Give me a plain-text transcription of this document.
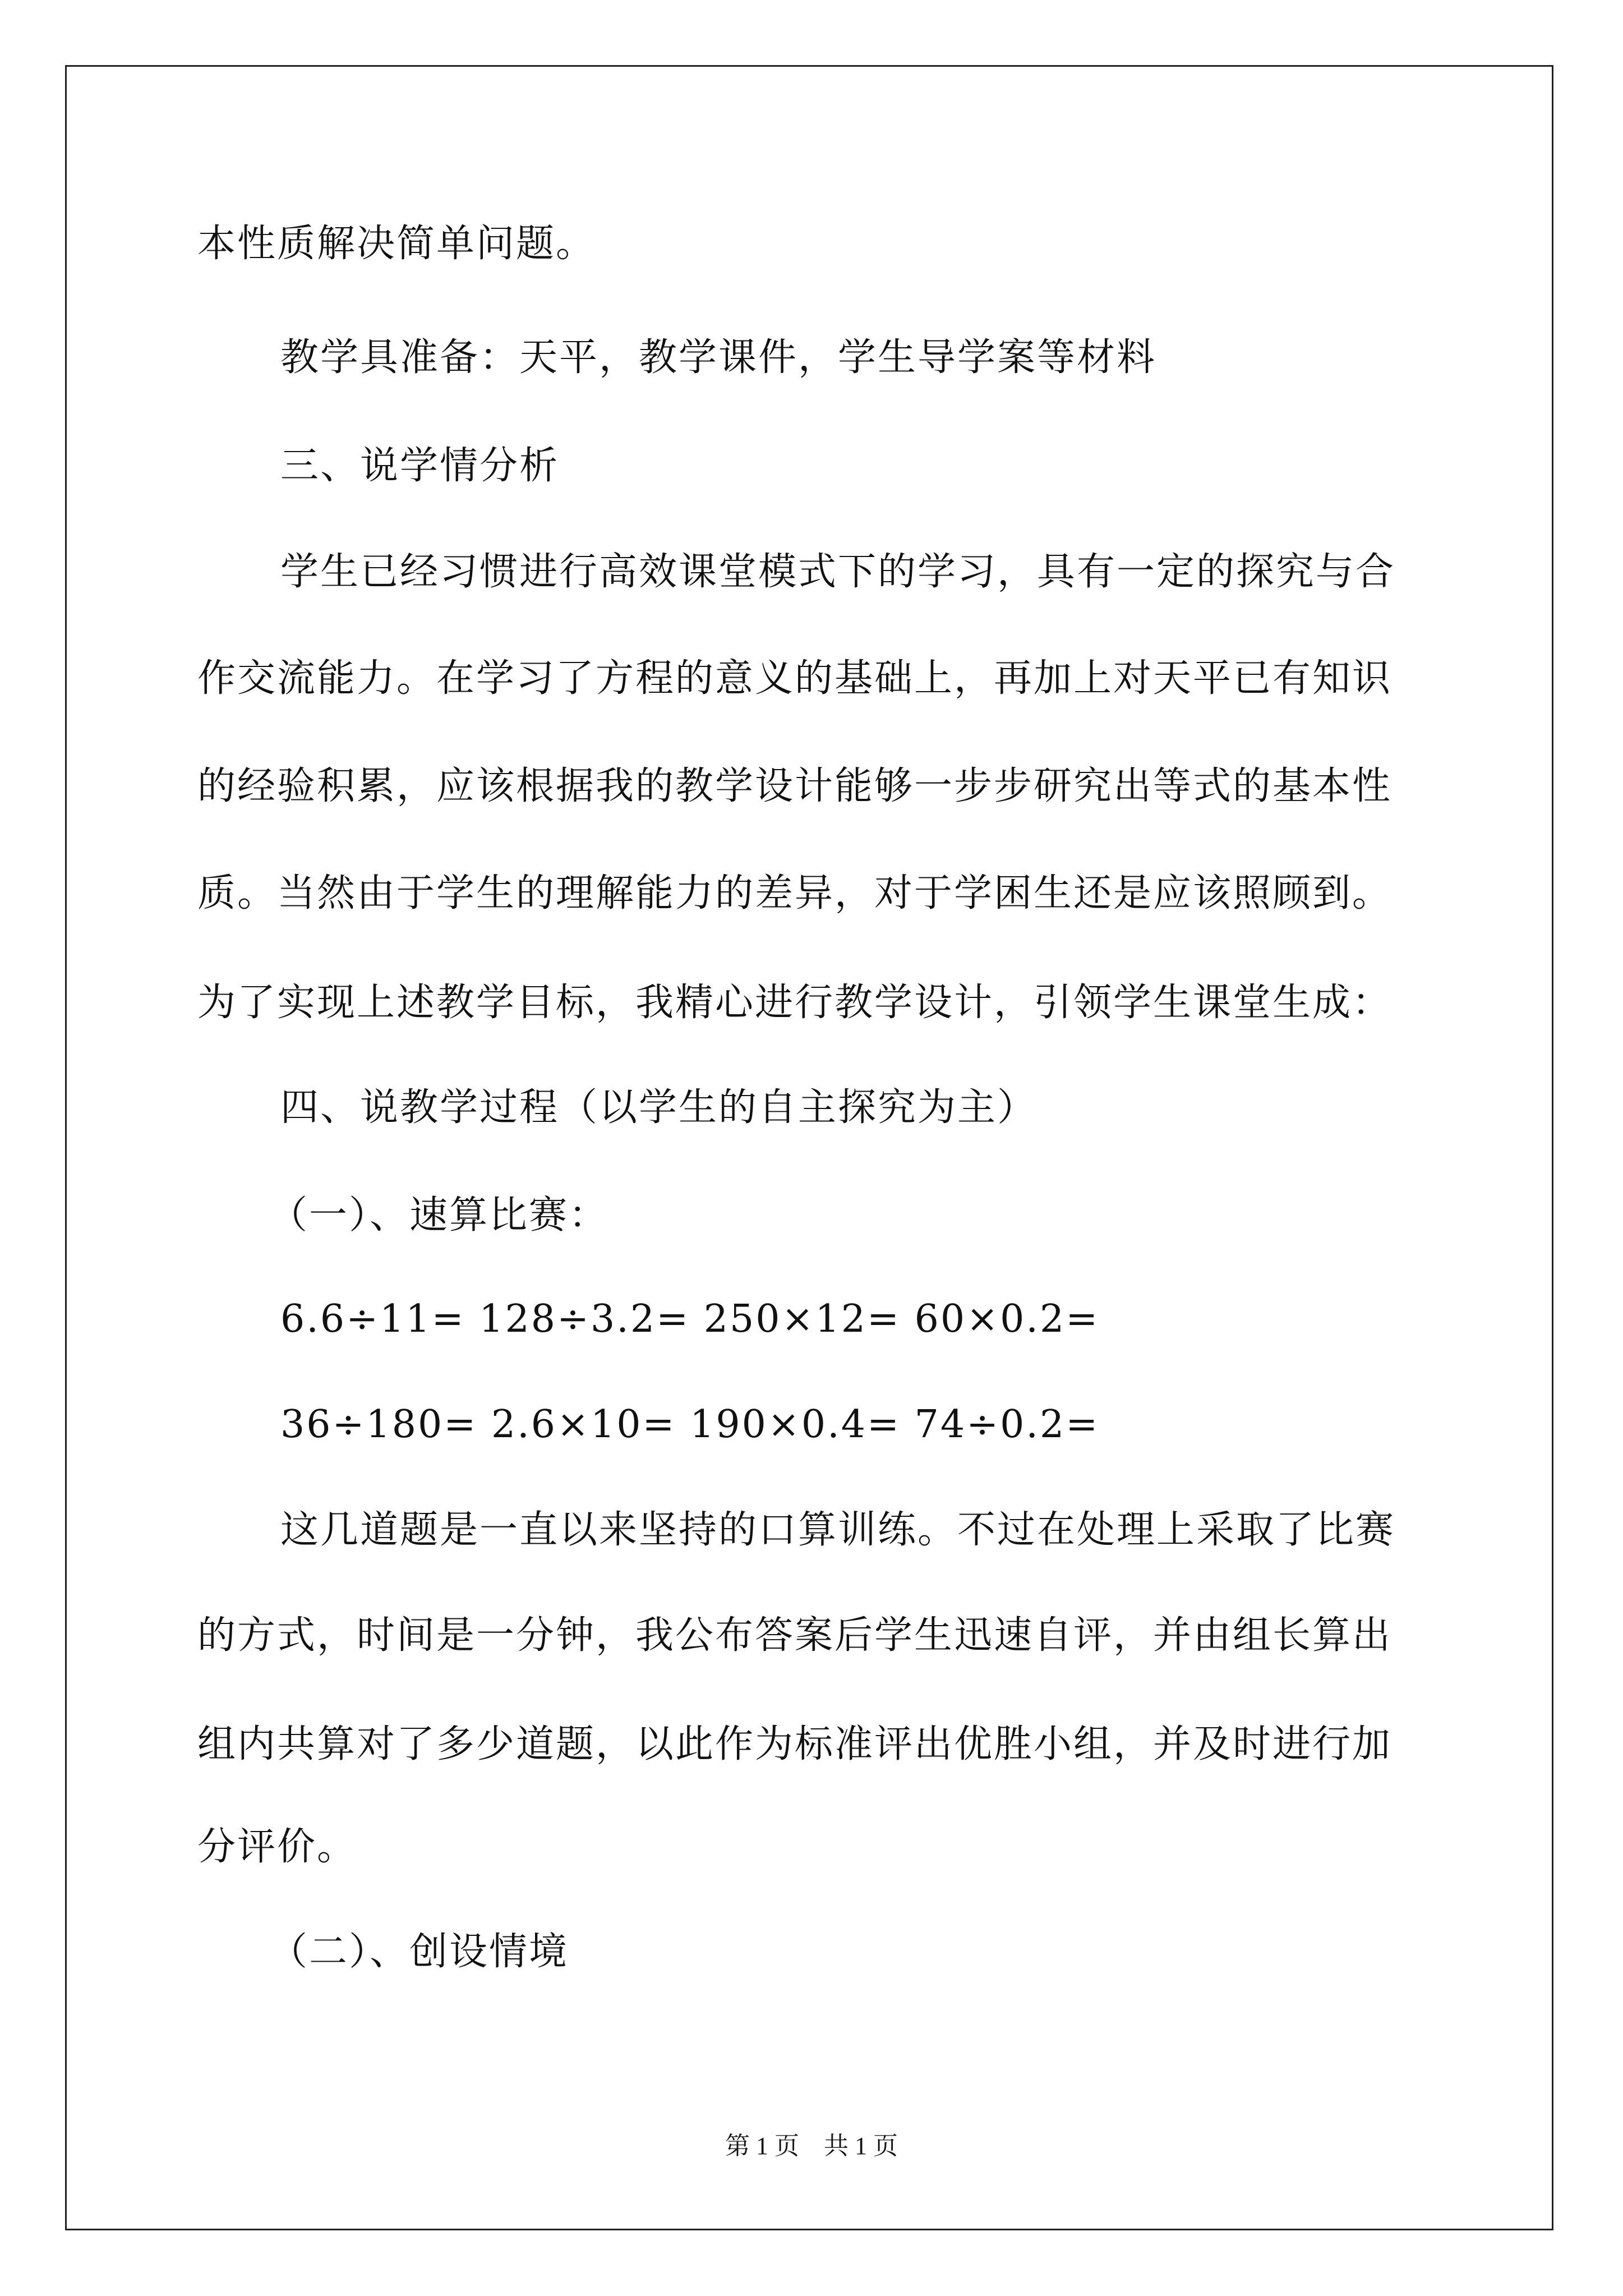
本性质解决简单问题。
教学具准备：天平，教学课件，学生导学案等材料
三、说学情分析
学生已经习惯进行高效课堂模式下的学习，具有一定的探究与合
作交流能力。在学习了方程的意义的基础上，再加上对天平已有知识
的经验积累，应该根据我的教学设计能够一步步研究出等式的基本性
质。当然由于学生的理解能力的差异，对于学困生还是应该照顾到。
为了实现上述教学目标，我精心进行教学设计，引领学生课堂生成：
四、说教学过程（以学生的自主探究为主）
（一）、速算比赛：
6.6÷11= 128÷3.2= 250×12= 60×0.2=
36÷180= 2.6×10= 190×0.4= 74÷0.2=
这几道题是一直以来坚持的口算训练。不过在处理上采取了比赛
的方式，时间是一分钟，我公布答案后学生迅速自评，并由组长算出
组内共算对了多少道题，以此作为标准评出优胜小组，并及时进行加
分评价。
（二）、创设情境
第 1 页　共 1 页
